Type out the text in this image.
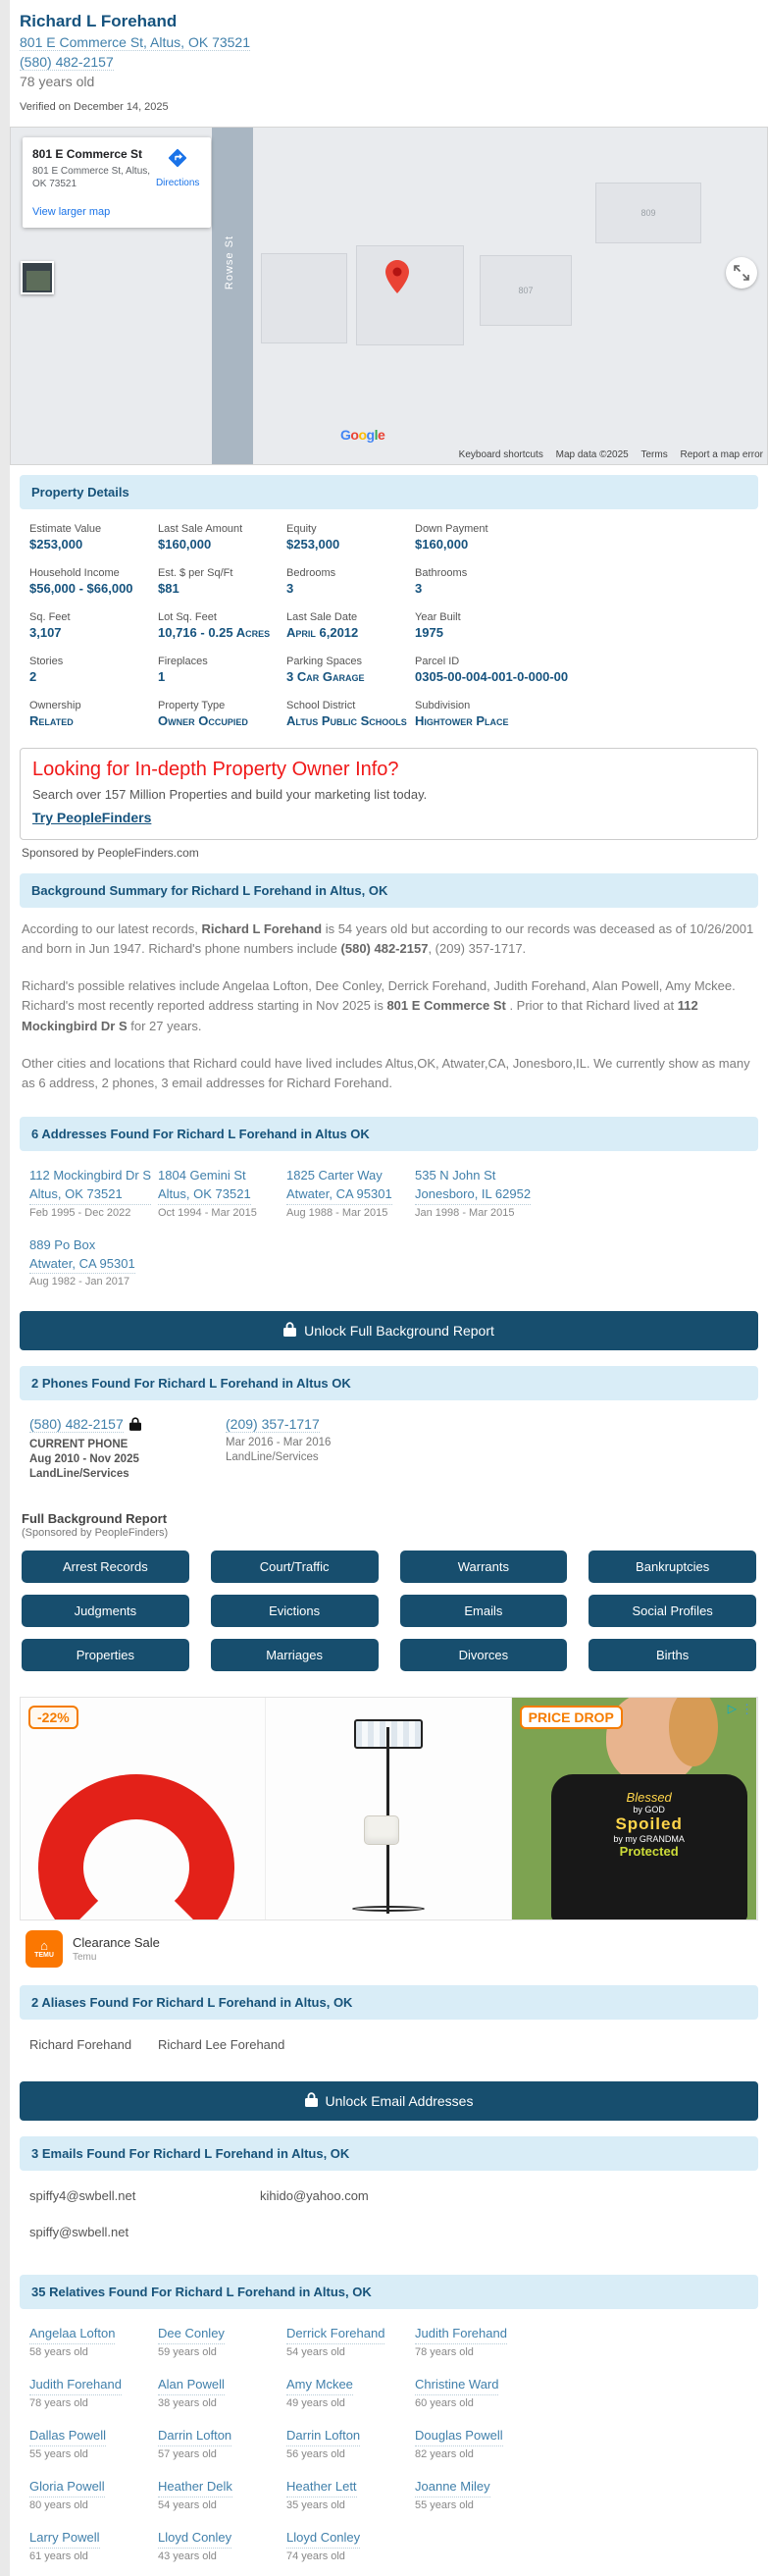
Richard L Forehand
801 E Commerce St, Altus, OK 73521
(580) 482-2157
78 years old
Verified on December 14, 2025
Rowse St
807
809
801 E Commerce St
801 E Commerce St, Altus, OK 73521
View larger map
Directions
Google
Keyboard shortcuts Map data ©2025 Terms Report a map error
Property Details
Estimate Value
$253,000
Last Sale Amount
$160,000
Equity
$253,000
Down Payment
$160,000
Household Income
$56,000 - $66,000
Est. $ per Sq/Ft
$81
Bedrooms
3
Bathrooms
3
Sq. Feet
3,107
Lot Sq. Feet
10,716 - 0.25 Acres
Last Sale Date
April 6,2012
Year Built
1975
Stories
2
Fireplaces
1
Parking Spaces
3 Car Garage
Parcel ID
0305-00-004-001-0-000-00
Ownership
Related
Property Type
Owner Occupied
School District
Altus Public Schools
Subdivision
Hightower Place
Looking for In-depth Property Owner Info?
Search over 157 Million Properties and build your marketing list today.
Try PeopleFinders
Sponsored by PeopleFinders.com
Background Summary for Richard L Forehand in Altus, OK

According to our latest records, Richard L Forehand is 54 years old but according to our records was deceased as of 10/26/2001 and born in Jun 1947. Richard's phone numbers include (580) 482-2157, (209) 357-1717.

Richard's possible relatives include Angelaa Lofton, Dee Conley, Derrick Forehand, Judith Forehand, Alan Powell, Amy Mckee. Richard's most recently reported address starting in Nov 2025 is 801 E Commerce St . Prior to that Richard lived at 112 Mockingbird Dr S for 27 years.

Other cities and locations that Richard could have lived includes Altus,OK, Atwater,CA, Jonesboro,IL. We currently show as many as 6 address, 2 phones, 3 email addresses for Richard Forehand.

6 Addresses Found For Richard L Forehand in Altus OK
112 Mockingbird Dr S
Altus, OK 73521
Feb 1995 - Dec 2022
1804 Gemini St
Altus, OK 73521
Oct 1994 - Mar 2015
1825 Carter Way
Atwater, CA 95301
Aug 1988 - Mar 2015
535 N John St
Jonesboro, IL 62952
Jan 1998 - Mar 2015
889 Po Box
Atwater, CA 95301
Aug 1982 - Jan 2017
Unlock Full Background Report
2 Phones Found For Richard L Forehand in Altus OK
(580) 482-2157
CURRENT PHONE
Aug 2010 - Nov 2025
LandLine/Services
(209) 357-1717
Mar 2016 - Mar 2016
LandLine/Services
Full Background Report
(Sponsored by PeopleFinders)
Arrest Records	Court/Traffic	Warrants	Bankruptcies
Judgments	Evictions	Emails	Social Profiles
Properties	Marriages	Divorces	Births
-22%	PRICE DROP
Blessed
by GOD
Spoiled
by my GRANDMA
Protected
▷ ⋮
⌂
TEMU
Clearance Sale
Temu
2 Aliases Found For Richard L Forehand in Altus, OK
Richard Forehand	Richard Lee Forehand
Unlock Email Addresses
3 Emails Found For Richard L Forehand in Altus, OK
spiffy4@swbell.net	kihido@yahoo.com
spiffy@swbell.net
35 Relatives Found For Richard L Forehand in Altus, OK
Angelaa Lofton
58 years old
Dee Conley
59 years old
Derrick Forehand
54 years old
Judith Forehand
78 years old
Judith Forehand
78 years old
Alan Powell
38 years old
Amy Mckee
49 years old
Christine Ward
60 years old
Dallas Powell
55 years old
Darrin Lofton
57 years old
Darrin Lofton
56 years old
Douglas Powell
82 years old
Gloria Powell
80 years old
Heather Delk
54 years old
Heather Lett
35 years old
Joanne Miley
55 years old
Larry Powell
61 years old
Lloyd Conley
43 years old
Lloyd Conley
74 years old
